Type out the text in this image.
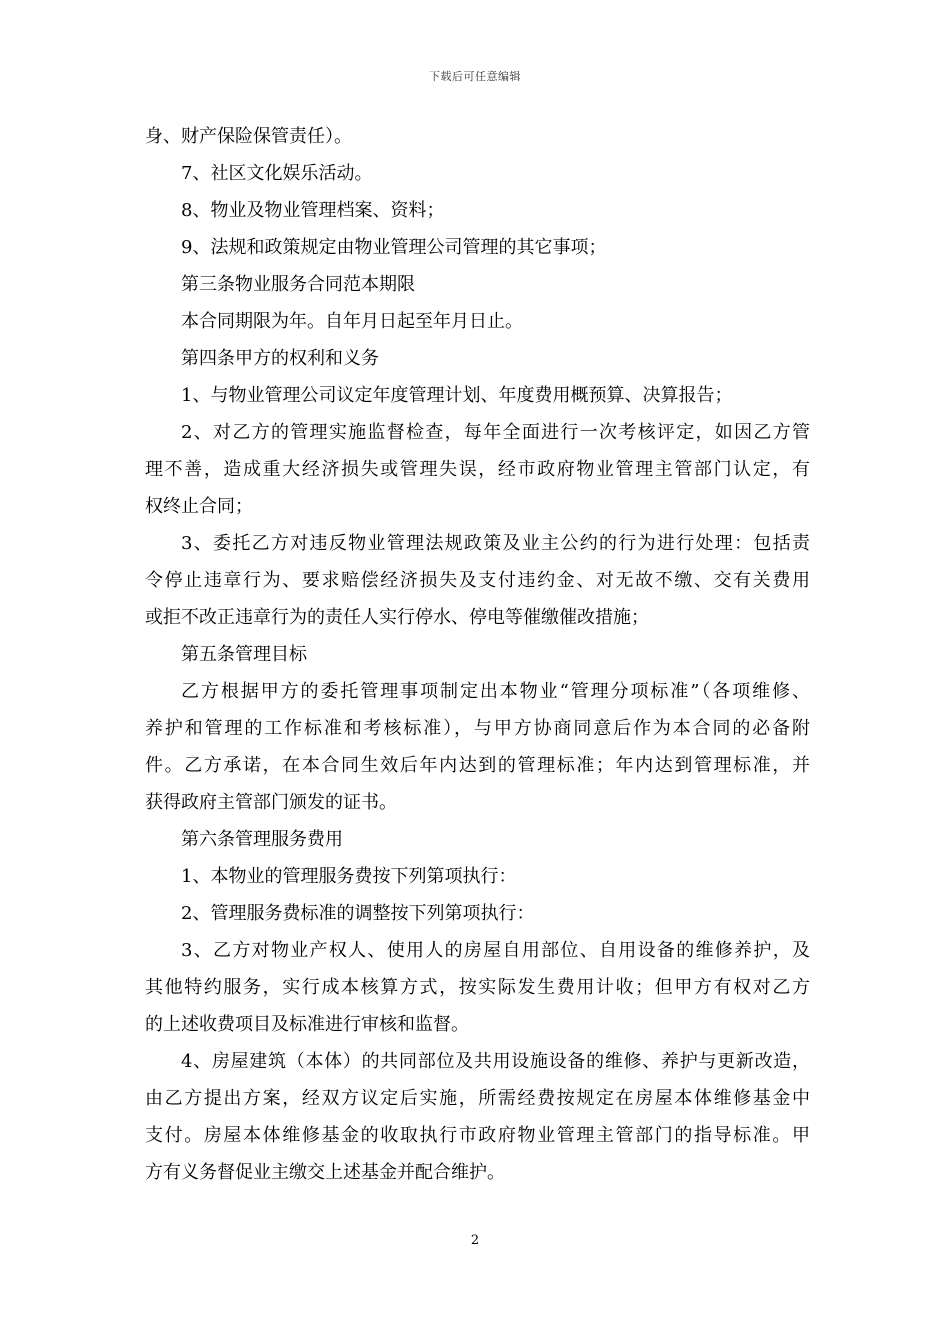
下载后可任意编辑
身、财产保险保管责任）。
7、社区文化娱乐活动。
8、物业及物业管理档案、资料；
9、法规和政策规定由物业管理公司管理的其它事项；
第三条物业服务合同范本期限
本合同期限为年。自年月日起至年月日止。
第四条甲方的权利和义务
1、与物业管理公司议定年度管理计划、年度费用概预算、决算报告；
2、对乙方的管理实施监督检查，每年全面进行一次考核评定，如因乙方管
理不善，造成重大经济损失或管理失误，经市政府物业管理主管部门认定，有
权终止合同；
3、委托乙方对违反物业管理法规政策及业主公约的行为进行处理：包括责
令停止违章行为、要求赔偿经济损失及支付违约金、对无故不缴、交有关费用
或拒不改正违章行为的责任人实行停水、停电等催缴催改措施；
第五条管理目标
乙方根据甲方的委托管理事项制定出本物业“管理分项标准”（各项维修、
养护和管理的工作标准和考核标准），与甲方协商同意后作为本合同的必备附
件。乙方承诺，在本合同生效后年内达到的管理标准；年内达到管理标准，并
获得政府主管部门颁发的证书。
第六条管理服务费用
1、本物业的管理服务费按下列第项执行：
2、管理服务费标准的调整按下列第项执行：
3、乙方对物业产权人、使用人的房屋自用部位、自用设备的维修养护，及
其他特约服务，实行成本核算方式，按实际发生费用计收；但甲方有权对乙方
的上述收费项目及标准进行审核和监督。
4、房屋建筑（本体）的共同部位及共用设施设备的维修、养护与更新改造，
由乙方提出方案，经双方议定后实施，所需经费按规定在房屋本体维修基金中
支付。房屋本体维修基金的收取执行市政府物业管理主管部门的指导标准。甲
方有义务督促业主缴交上述基金并配合维护。
2
